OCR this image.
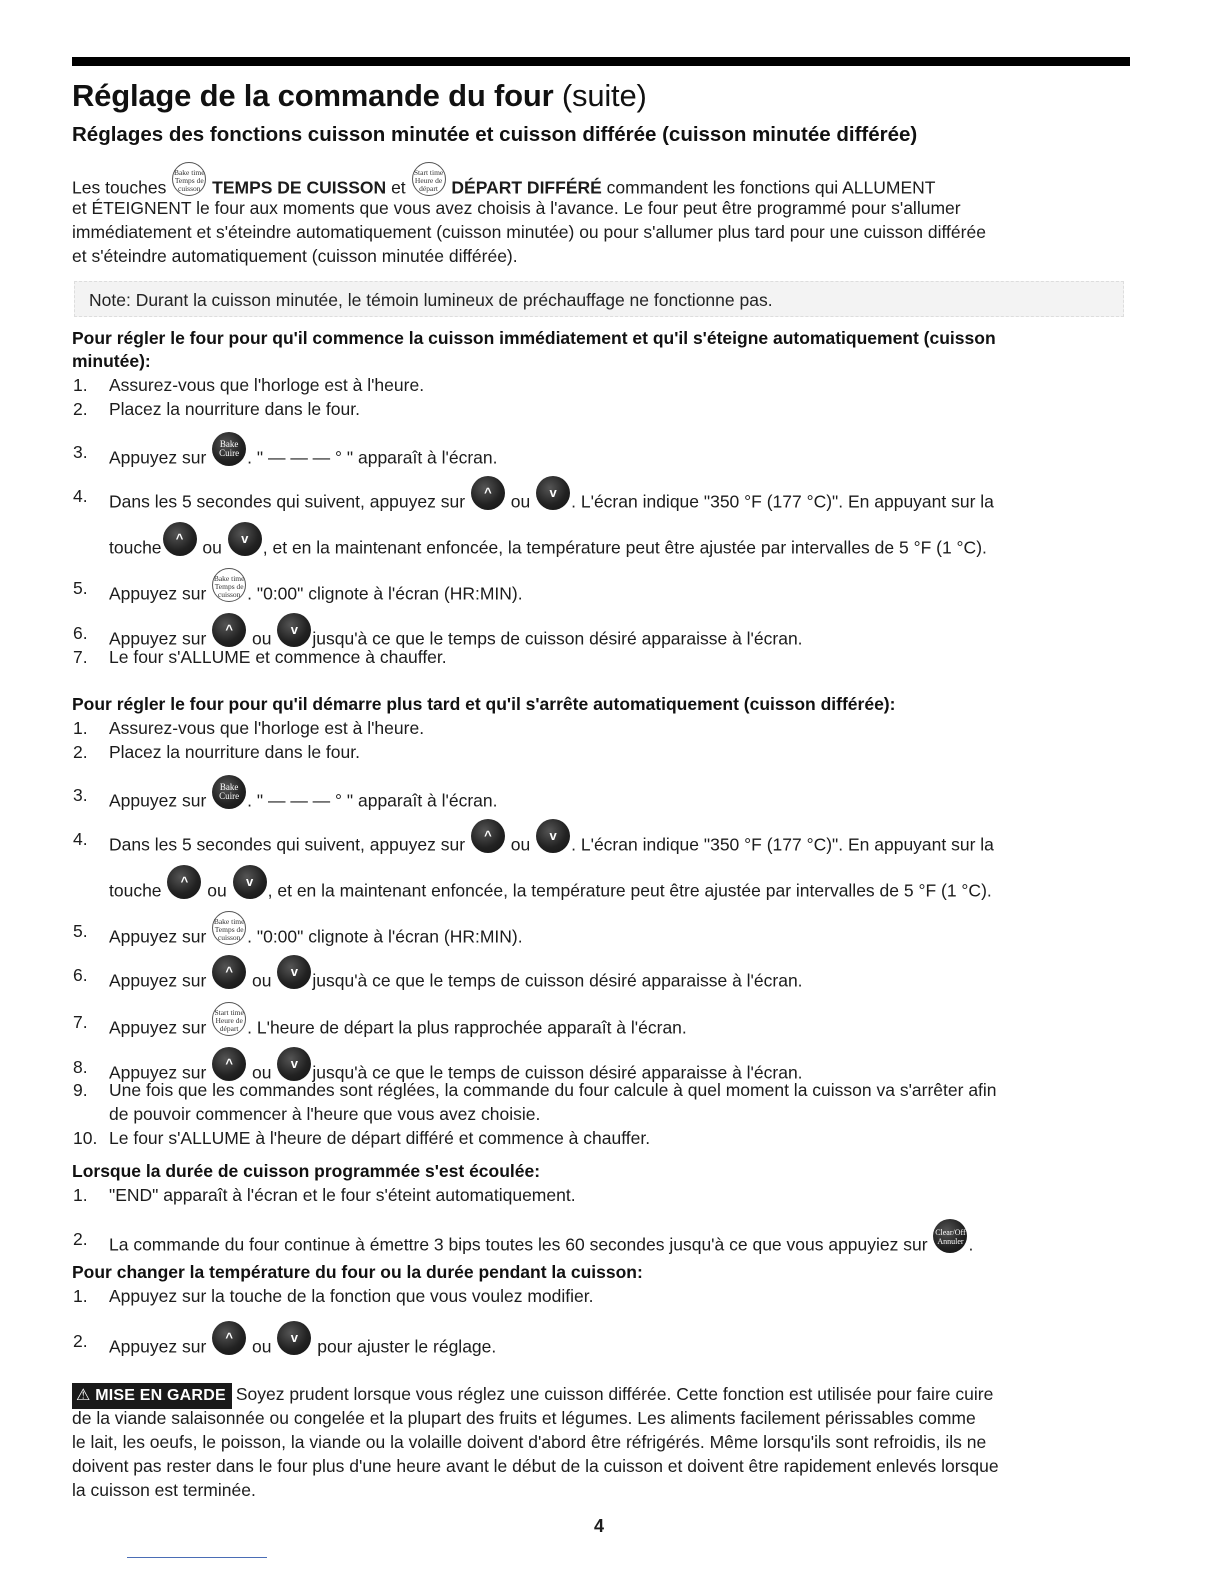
Réglage de la commande du four (suite)
Réglages des fonctions cuisson minutée et cuisson différée (cuisson minutée différée)
Les touches Bake time
Temps de
cuisson TEMPS DE CUISSON et Start time
Heure de
départ DÉPART DIFFÉRÉ commandent les fonctions qui ALLUMENT
et ÉTEIGNENT le four aux moments que vous avez choisis à l'avance. Le four peut être programmé pour s'allumer
immédiatement et s'éteindre automatiquement (cuisson minutée) ou pour s'allumer plus tard pour une cuisson différée
et s'éteindre automatiquement (cuisson minutée différée).
Note: Durant la cuisson minutée, le témoin lumineux de préchauffage ne fonctionne pas.
Pour régler le four pour qu'il commence la cuisson immédiatement et qu'il s'éteigne automatiquement (cuisson
minutée):
1. Assurez-vous que l'horloge est à l'heure.
2. Placez la nourriture dans le four.
3. Appuyez sur Bake
Cuire . " — — — ° " apparaît à l'écran.
4. Dans les 5 secondes qui suivent, appuyez sur ^ ou v . L'écran indique "350 °F (177 °C)". En appuyant sur la
touche ^ ou v , et en la maintenant enfoncée, la température peut être ajustée par intervalles de 5 °F (1 °C).
5. Appuyez sur Bake time
Temps de
cuisson . "0:00" clignote à l'écran (HR:MIN).
6. Appuyez sur ^ ou v jusqu'à ce que le temps de cuisson désiré apparaisse à l'écran.
7. Le four s'ALLUME et commence à chauffer.
Pour régler le four pour qu'il démarre plus tard et qu'il s'arrête automatiquement (cuisson différée):
1. Assurez-vous que l'horloge est à l'heure.
2. Placez la nourriture dans le four.
3. Appuyez sur Bake
Cuire . " — — — ° " apparaît à l'écran.
4. Dans les 5 secondes qui suivent, appuyez sur ^ ou v . L'écran indique "350 °F (177 °C)". En appuyant sur la
touche ^ ou v , et en la maintenant enfoncée, la température peut être ajustée par intervalles de 5 °F (1 °C).
5. Appuyez sur Bake time
Temps de
cuisson . "0:00" clignote à l'écran (HR:MIN).
6. Appuyez sur ^ ou v jusqu'à ce que le temps de cuisson désiré apparaisse à l'écran.
7. Appuyez sur Start time
Heure de
départ . L'heure de départ la plus rapprochée apparaît à l'écran.
8. Appuyez sur ^ ou v jusqu'à ce que le temps de cuisson désiré apparaisse à l'écran.
9. Une fois que les commandes sont réglées, la commande du four calcule à quel moment la cuisson va s'arrêter afin
de pouvoir commencer à l'heure que vous avez choisie.
10. Le four s'ALLUME à l'heure de départ différé et commence à chauffer.
Lorsque la durée de cuisson programmée s'est écoulée:
1. "END" apparaît à l'écran et le four s'éteint automatiquement.
2. La commande du four continue à émettre 3 bips toutes les 60 secondes jusqu'à ce que vous appuyiez sur Clear/Off
Annuler .
Pour changer la température du four ou la durée pendant la cuisson:
1. Appuyez sur la touche de la fonction que vous voulez modifier.
2. Appuyez sur ^ ou v pour ajuster le réglage.
⚠ MISE EN GARDE Soyez prudent lorsque vous réglez une cuisson différée. Cette fonction est utilisée pour faire cuire
de la viande salaisonnée ou congelée et la plupart des fruits et légumes. Les aliments facilement périssables comme
le lait, les oeufs, le poisson, la viande ou la volaille doivent d'abord être réfrigérés. Même lorsqu'ils sont refroidis, ils ne
doivent pas rester dans le four plus d'une heure avant le début de la cuisson et doivent être rapidement enlevés lorsque
la cuisson est terminée.
4
